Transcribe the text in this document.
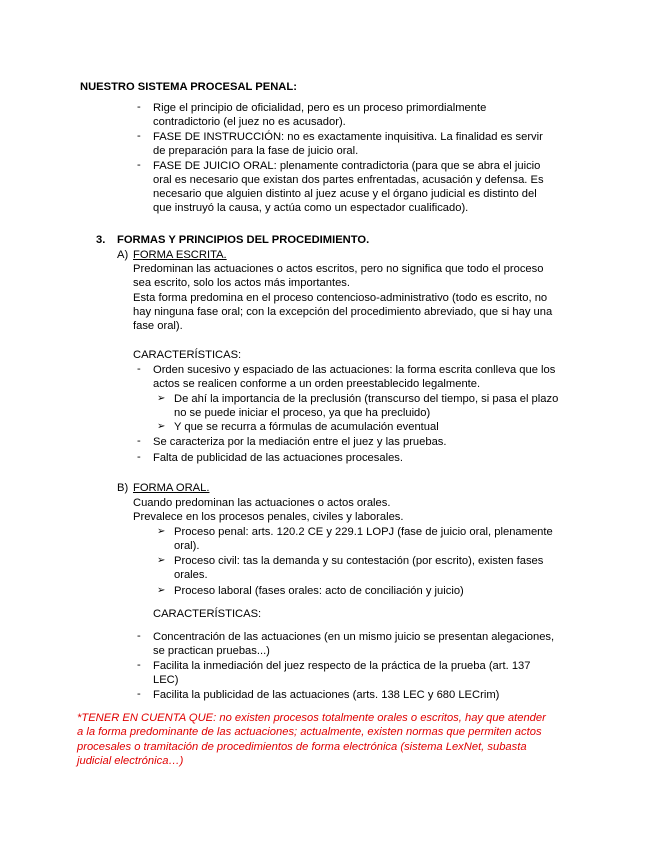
NUESTRO SISTEMA PROCESAL PENAL:
- Rige el principio de oficialidad, pero es un proceso primordialmente
contradictorio (el juez no es acusador).
- FASE DE INSTRUCCIÓN: no es exactamente inquisitiva. La finalidad es servir
de preparación para la fase de juicio oral.
- FASE DE JUICIO ORAL: plenamente contradictoria (para que se abra el juicio
oral es necesario que existan dos partes enfrentadas, acusación y defensa. Es
necesario que alguien distinto al juez acuse y el órgano judicial es distinto del
que instruyó la causa, y actúa como un espectador cualificado).
3. FORMAS Y PRINCIPIOS DEL PROCEDIMIENTO.
A) FORMA ESCRITA.
Predominan las actuaciones o actos escritos, pero no significa que todo el proceso
sea escrito, solo los actos más importantes.
Esta forma predomina en el proceso contencioso-administrativo (todo es escrito, no
hay ninguna fase oral; con la excepción del procedimiento abreviado, que si hay una
fase oral).
CARACTERÍSTICAS:
- Orden sucesivo y espaciado de las actuaciones: la forma escrita conlleva que los
actos se realicen conforme a un orden preestablecido legalmente.
➢ De ahí la importancia de la preclusión (transcurso del tiempo, si pasa el plazo
no se puede iniciar el proceso, ya que ha precluido)
➢ Y que se recurra a fórmulas de acumulación eventual
- Se caracteriza por la mediación entre el juez y las pruebas.
- Falta de publicidad de las actuaciones procesales.
B) FORMA ORAL.
Cuando predominan las actuaciones o actos orales.
Prevalece en los procesos penales, civiles y laborales.
➢ Proceso penal: arts. 120.2 CE y 229.1 LOPJ (fase de juicio oral, plenamente
oral).
➢ Proceso civil: tas la demanda y su contestación (por escrito), existen fases
orales.
➢ Proceso laboral (fases orales: acto de conciliación y juicio)
CARACTERÍSTICAS:
- Concentración de las actuaciones (en un mismo juicio se presentan alegaciones,
se practican pruebas...)
- Facilita la inmediación del juez respecto de la práctica de la prueba (art. 137
LEC)
- Facilita la publicidad de las actuaciones (arts. 138 LEC y 680 LECrim)
*TENER EN CUENTA QUE: no existen procesos totalmente orales o escritos, hay que atender
a la forma predominante de las actuaciones; actualmente, existen normas que permiten actos
procesales o tramitación de procedimientos de forma electrónica (sistema LexNet, subasta
judicial electrónica…)
